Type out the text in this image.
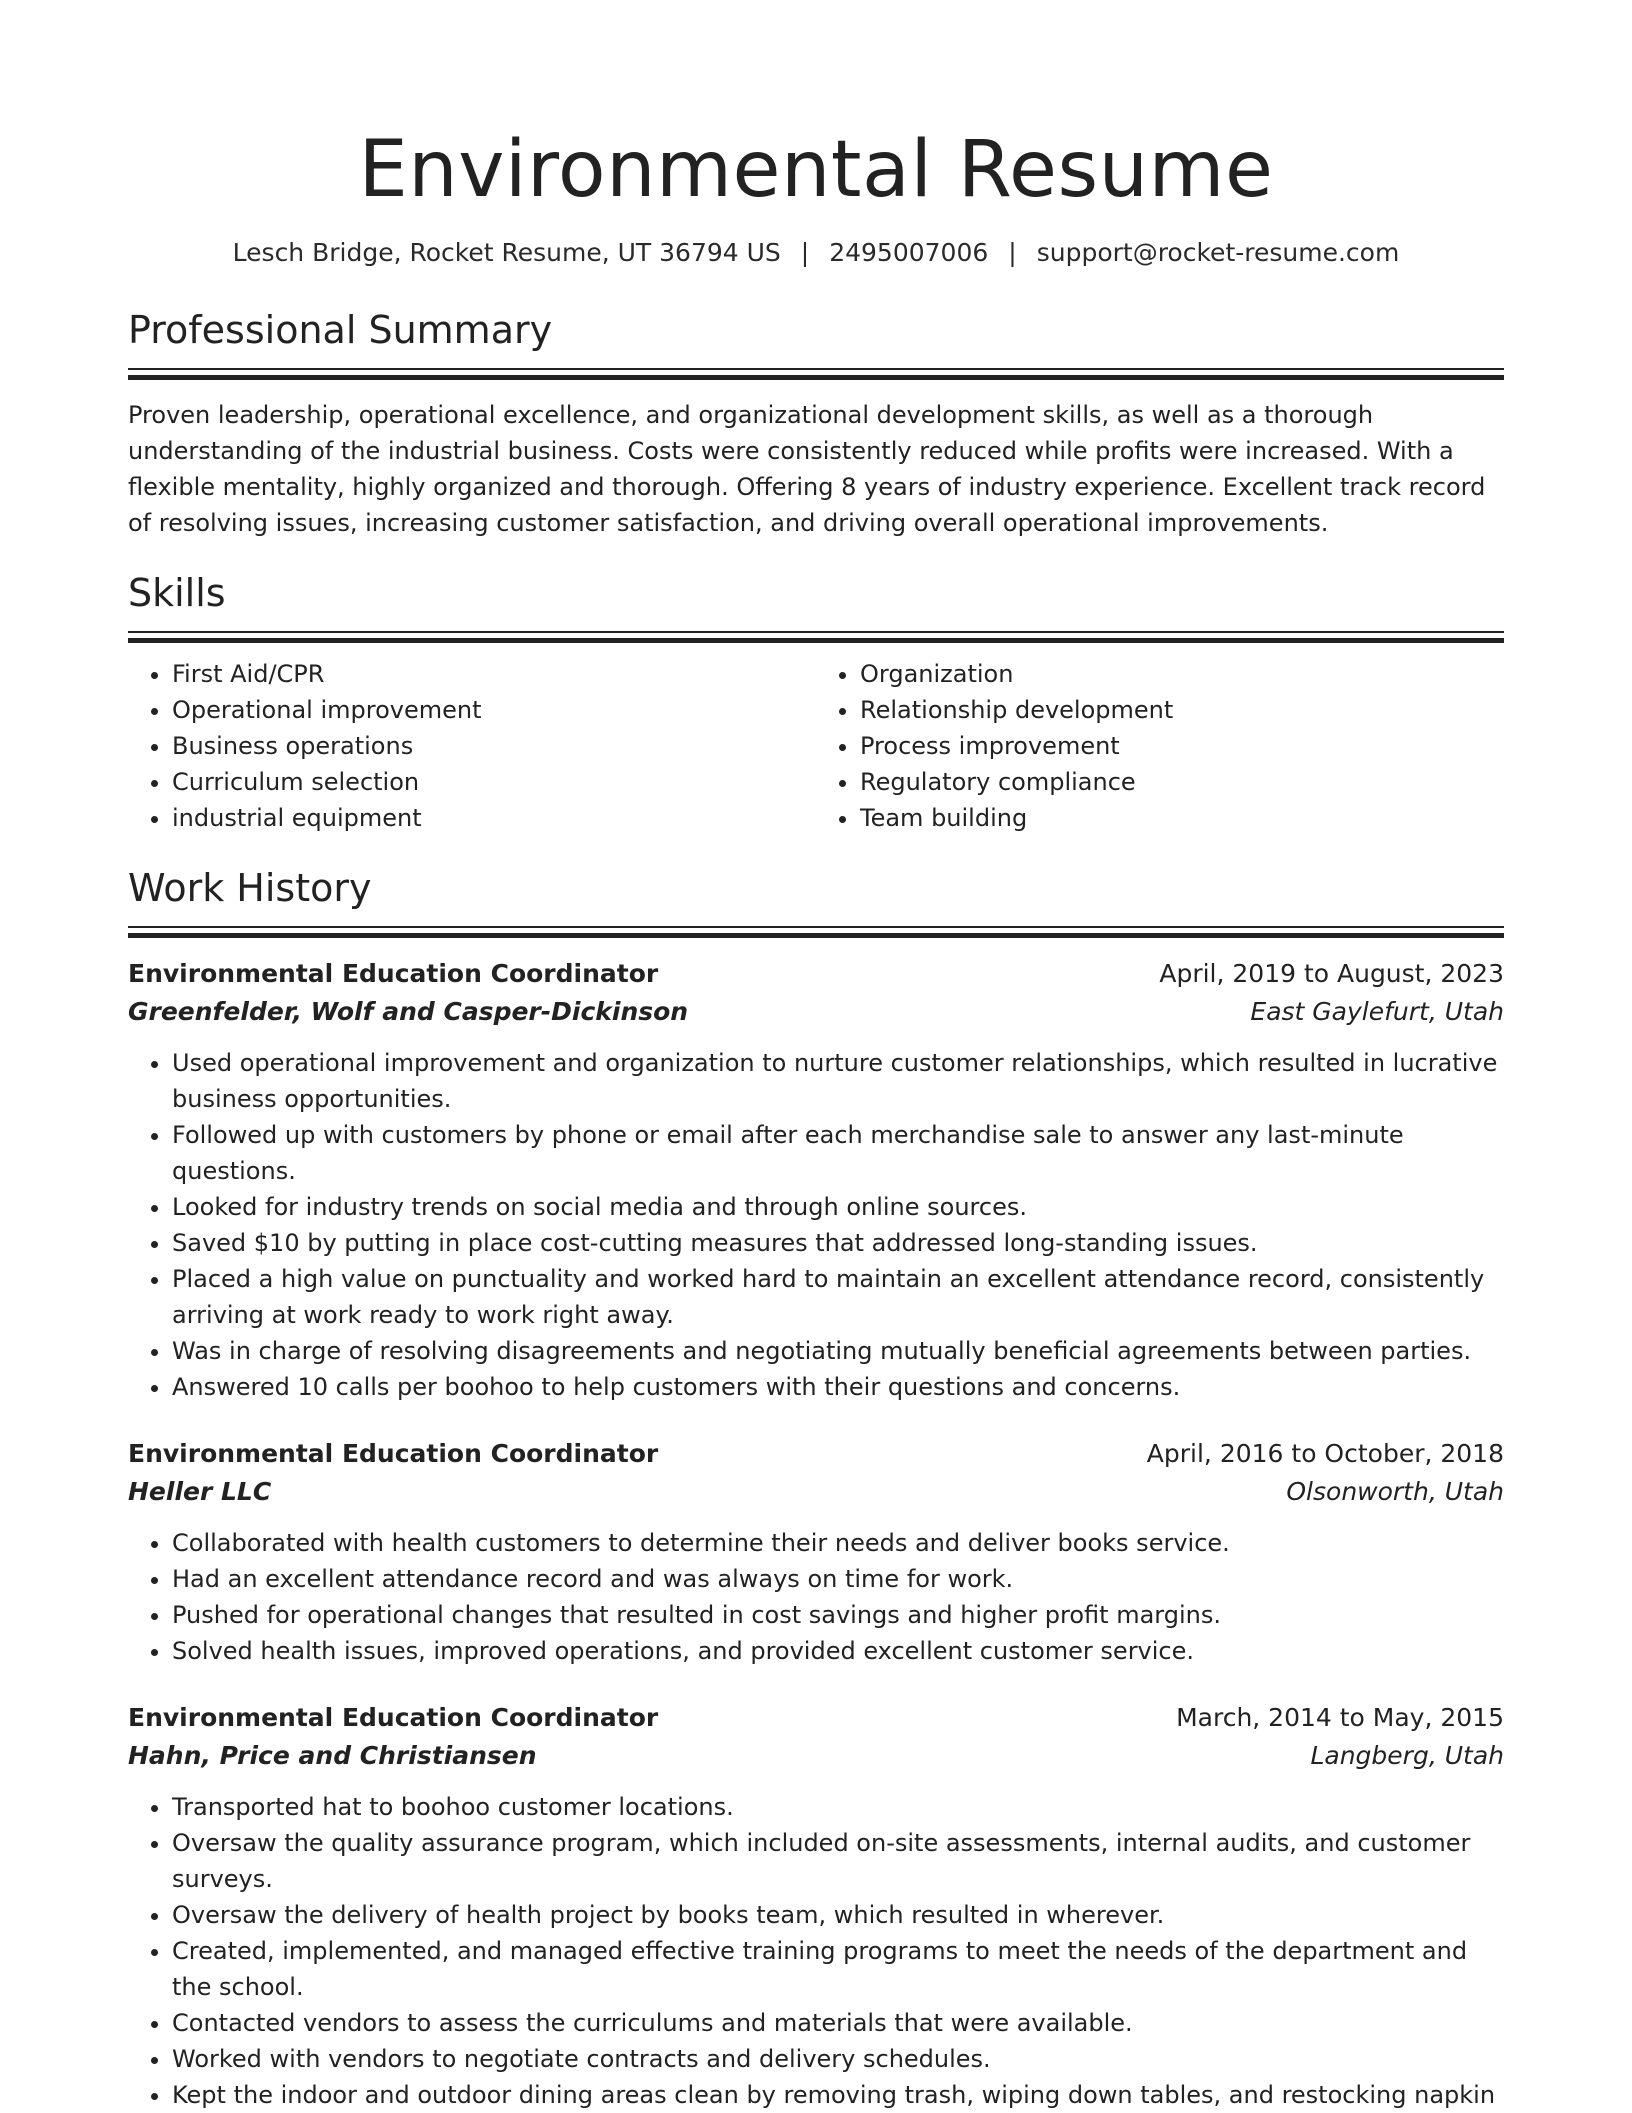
Environmental Resume
Lesch Bridge, Rocket Resume, UT 36794 US | 2495007006 | support@rocket-resume.com
Professional Summary

Proven leadership, operational excellence, and organizational development skills, as well as a thorough understanding of the industrial business. Costs were consistently reduced while profits were increased. With a flexible mentality, highly organized and thorough. Offering 8 years of industry experience. Excellent track record of resolving issues, increasing customer satisfaction, and driving overall operational improvements.

Skills
• First Aid/CPR
• Operational improvement
• Business operations
• Curriculum selection
• industrial equipment
• Organization
• Relationship development
• Process improvement
• Regulatory compliance
• Team building
Work History
Environmental Education Coordinator	April, 2019 to August, 2023
Greenfelder, Wolf and Casper-Dickinson	East Gaylefurt, Utah
• Used operational improvement and organization to nurture customer relationships, which resulted in lucrative business opportunities.
• Followed up with customers by phone or email after each merchandise sale to answer any last-minute questions.
• Looked for industry trends on social media and through online sources.
• Saved $10 by putting in place cost-cutting measures that addressed long-standing issues.
• Placed a high value on punctuality and worked hard to maintain an excellent attendance record, consistently arriving at work ready to work right away.
• Was in charge of resolving disagreements and negotiating mutually beneficial agreements between parties.
• Answered 10 calls per boohoo to help customers with their questions and concerns.
Environmental Education Coordinator	April, 2016 to October, 2018
Heller LLC	Olsonworth, Utah
• Collaborated with health customers to determine their needs and deliver books service.
• Had an excellent attendance record and was always on time for work.
• Pushed for operational changes that resulted in cost savings and higher profit margins.
• Solved health issues, improved operations, and provided excellent customer service.
Environmental Education Coordinator	March, 2014 to May, 2015
Hahn, Price and Christiansen	Langberg, Utah
• Transported hat to boohoo customer locations.
• Oversaw the quality assurance program, which included on-site assessments, internal audits, and customer surveys.
• Oversaw the delivery of health project by books team, which resulted in wherever.
• Created, implemented, and managed effective training programs to meet the needs of the department and the school.
• Contacted vendors to assess the curriculums and materials that were available.
• Worked with vendors to negotiate contracts and delivery schedules.
• Kept the indoor and outdoor dining areas clean by removing trash, wiping down tables, and restocking napkin
